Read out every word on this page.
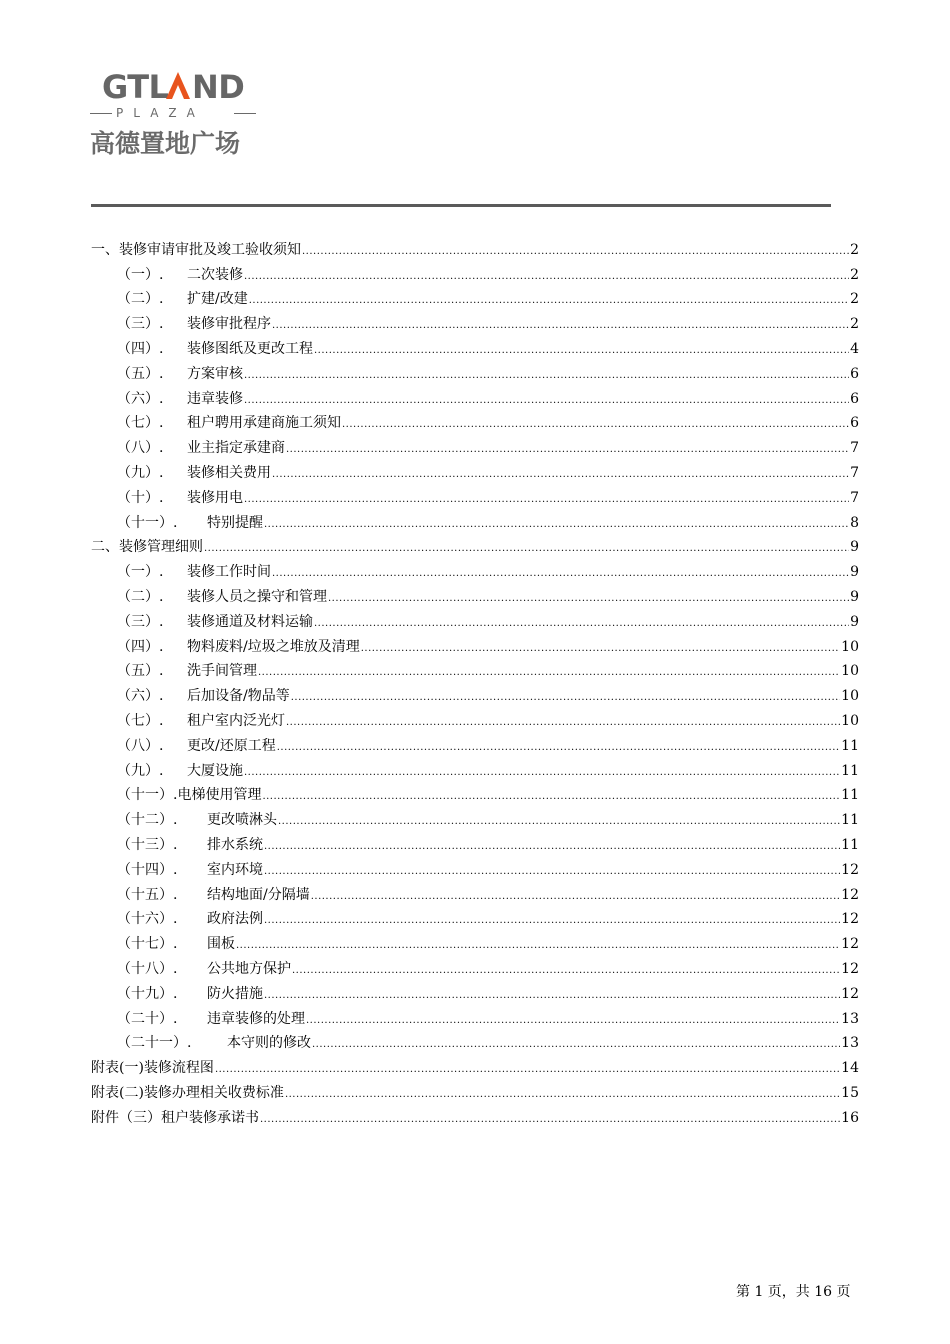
GTL ND
PLAZA
高德置地广场
一、 装修审请审批及竣工验收须知 .....	2
（一）.	二次装修 .....	2
（二）.	扩建/改建 .....	2
（三）.	装修审批程序 .....	2
（四）.	装修图纸及更改工程 .....	4
（五）.	方案审核 .....	6
（六）.	违章装修 .....	6
（七）.	租户聘用承建商施工须知 .....	6
（八）.	业主指定承建商 .....	7
（九）.	装修相关费用 .....	7
（十）.	装修用电 .....	7
（十一）.	特别提醒 .....	8
二、 装修管理细则 .....	9
（一）.	装修工作时间 .....	9
（二）.	装修人员之操守和管理 .....	9
（三）.	装修通道及材料运输 .....	9
（四）.	物料废料/垃圾之堆放及清理 .....	10
（五）.	洗手间管理 .....	10
（六）.	后加设备/物品等 .....	10
（七）.	租户室内泛光灯 .....	10
（八）.	更改/还原工程 .....	11
（九）.	大厦设施 .....	11
（十一）. 电梯使用管理 .....	11
（十二）.	更改喷淋头 .....	11
（十三）.	排水系统 .....	11
（十四）.	室内环境 .....	12
（十五）.	结构地面/分隔墙 .....	12
（十六）.	政府法例 .....	12
（十七）.	围板 .....	12
（十八）.	公共地方保护 .....	12
（十九）.	防火措施 .....	12
（二十）.	违章装修的处理 .....	13
（二十一）.	本守则的修改 .....	13
附表(一) 装修流程图 .....	14
附表(二) 装修办理相关收费标准 .....	15
附件（三） 租户装修承诺书 .....	16
第 1 页，共 16 页
